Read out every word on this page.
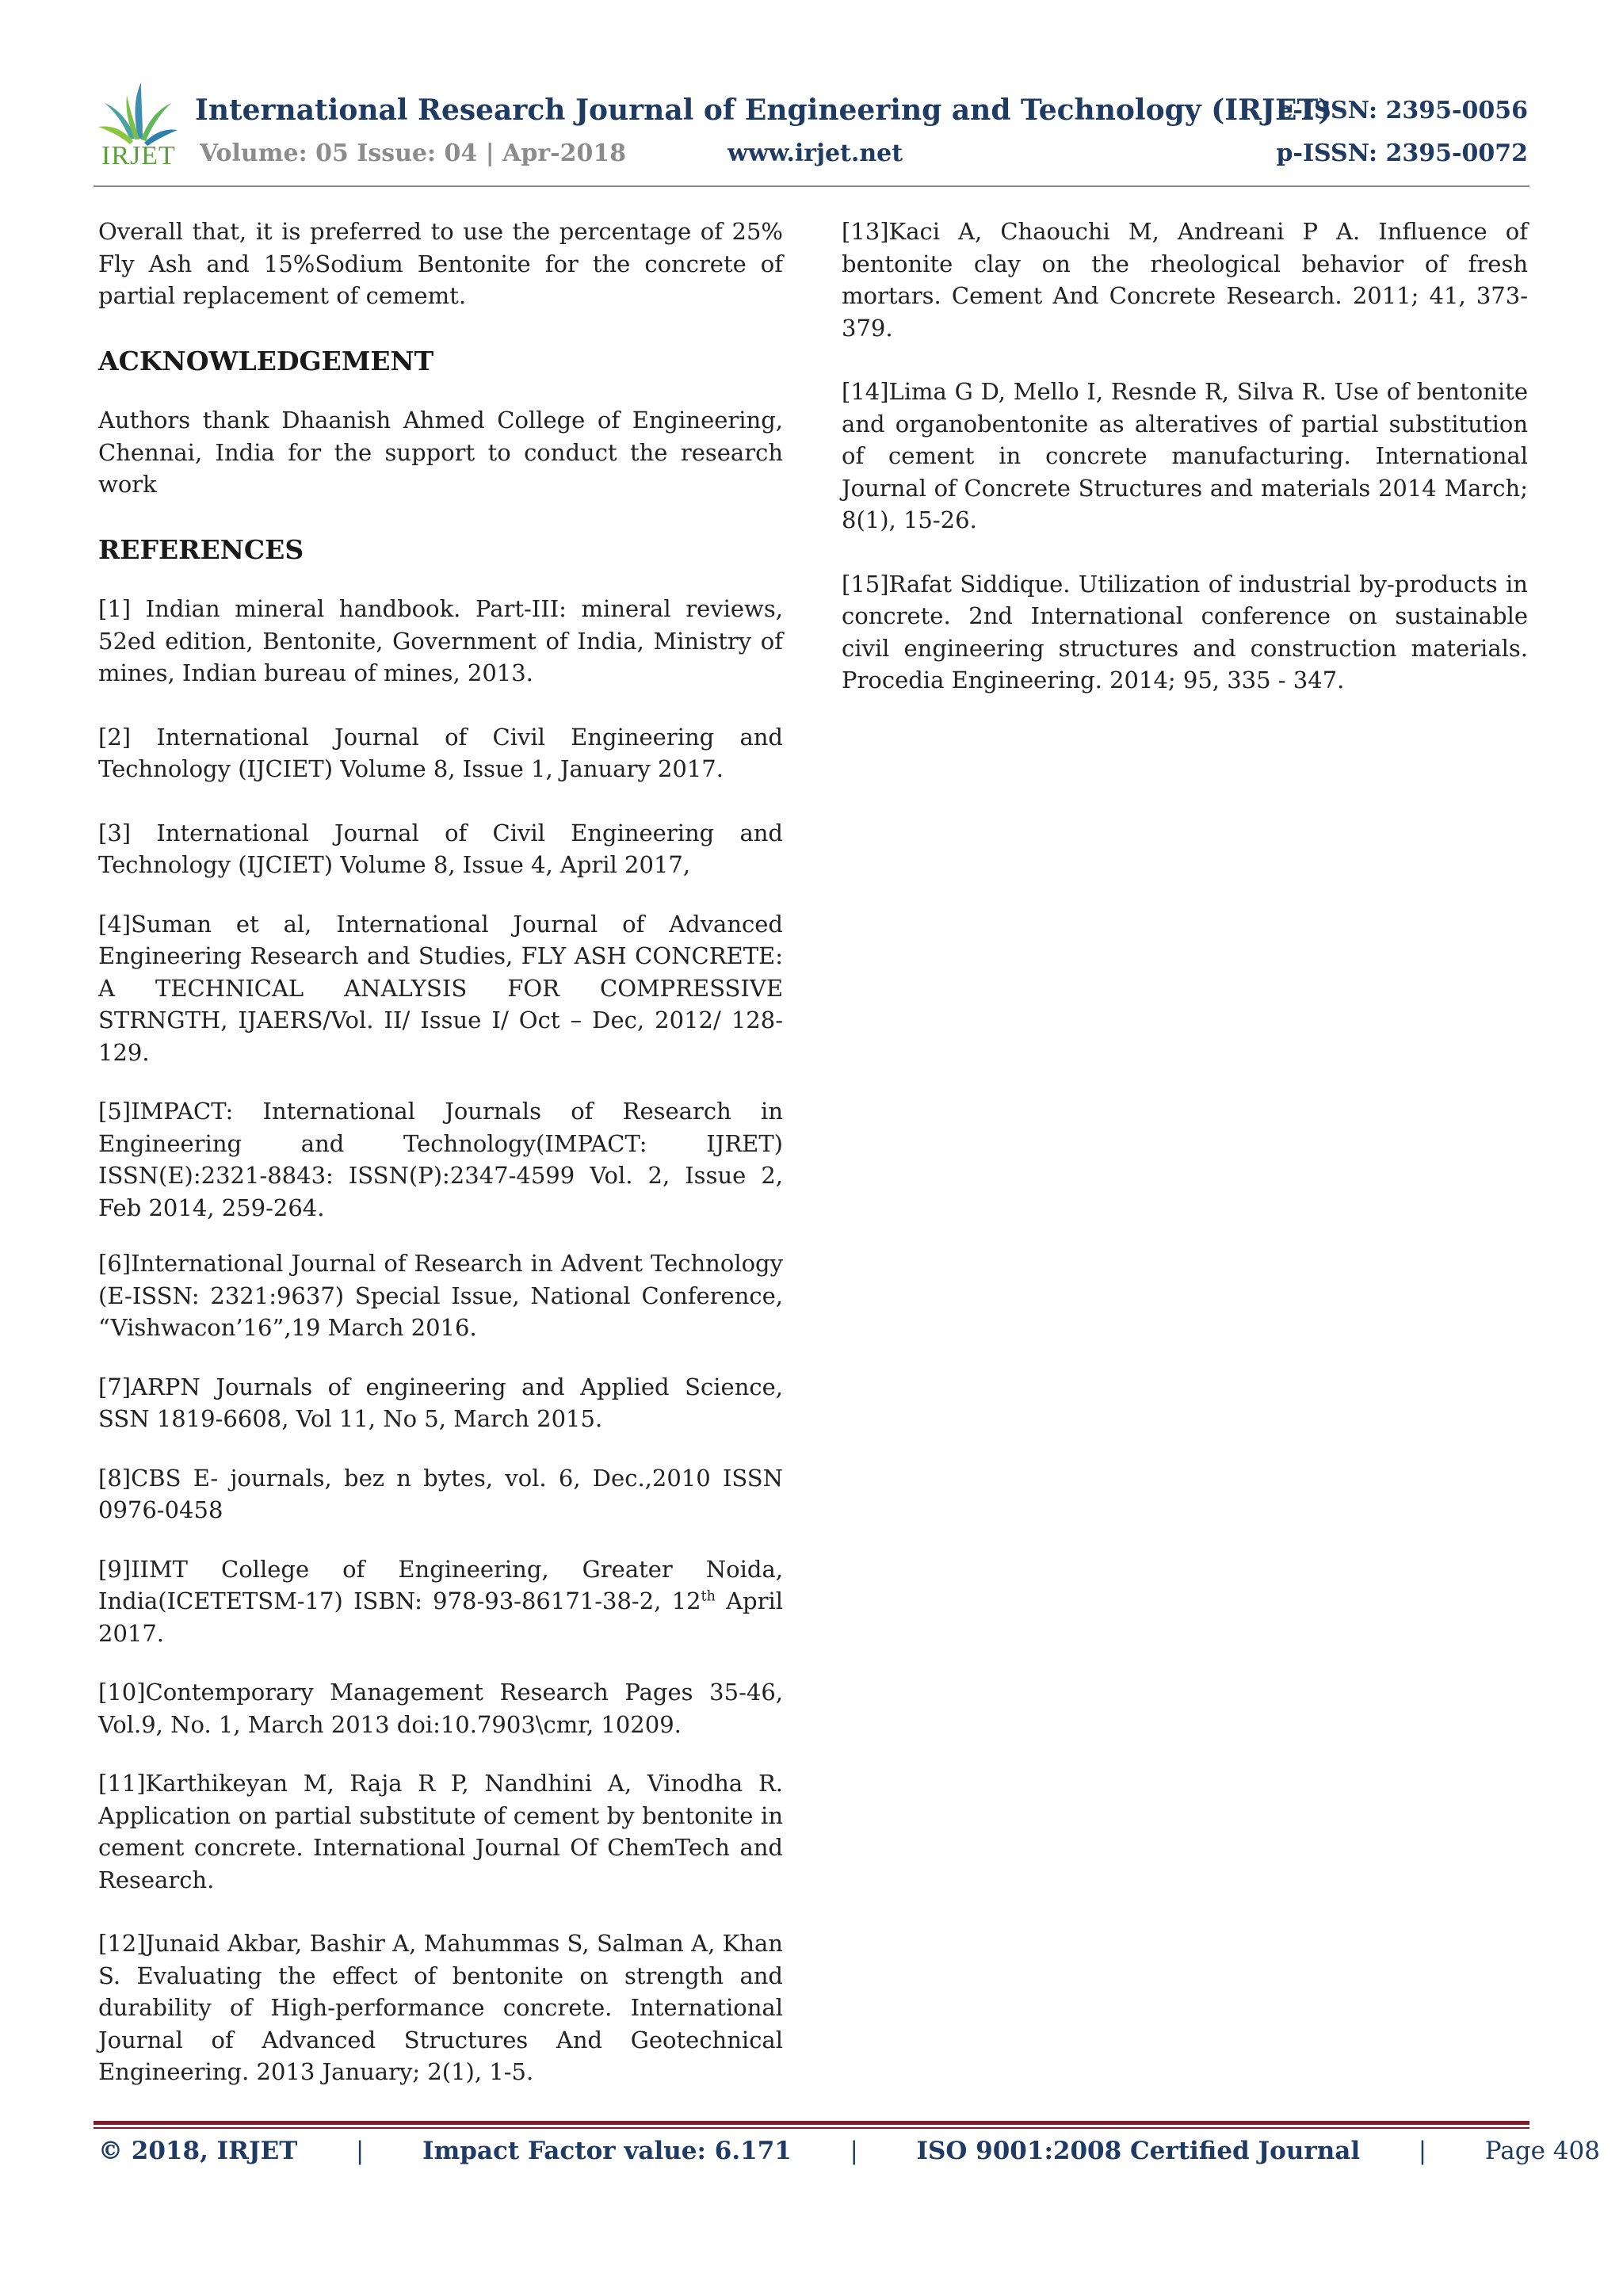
IRJET
International Research Journal of Engineering and Technology (IRJET)
e-ISSN: 2395-0056
Volume: 05 Issue: 04 | Apr-2018	www.irjet.net	p-ISSN: 2395-0072

Overall that, it is preferred to use the percentage of 25% Fly Ash and 15%Sodium Bentonite for the concrete of partial replacement of cememt.

ACKNOWLEDGEMENT

Authors thank Dhaanish Ahmed College of Engineering, Chennai, India for the support to conduct the research work

REFERENCES

[1] Indian mineral handbook. Part-III: mineral reviews, 52ed edition, Bentonite, Government of India, Ministry of mines, Indian bureau of mines, 2013.

[2] International Journal of Civil Engineering and Technology (IJCIET) Volume 8, Issue 1, January 2017.

[3] International Journal of Civil Engineering and Technology (IJCIET) Volume 8, Issue 4, April 2017,

[4]Suman et al, International Journal of Advanced Engineering Research and Studies, FLY ASH CONCRETE: A TECHNICAL ANALYSIS FOR COMPRESSIVE STRNGTH, IJAERS/Vol. II/ Issue I/ Oct – Dec, 2012/ 128-129.

[5]IMPACT: International Journals of Research in Engineering and Technology(IMPACT: IJRET) ISSN(E):2321-8843: ISSN(P):2347-4599 Vol. 2, Issue 2, Feb 2014, 259-264.

[6]International Journal of Research in Advent Technology (E-ISSN: 2321:9637) Special Issue, National Conference, “Vishwacon’16”,19 March 2016.

[7]ARPN Journals of engineering and Applied Science, SSN 1819-6608, Vol 11, No 5, March 2015.

[8]CBS E- journals, bez n bytes, vol. 6, Dec.,2010 ISSN 0976-0458

[9]IIMT College of Engineering, Greater Noida, India(ICETETSM-17) ISBN: 978-93-86171-38-2, 12th April 2017.

[10]Contemporary Management Research Pages 35-46, Vol.9, No. 1, March 2013 doi:10.7903\cmr, 10209.

[11]Karthikeyan M, Raja R P, Nandhini A, Vinodha R. Application on partial substitute of cement by bentonite in cement concrete. International Journal Of ChemTech and Research.

[12]Junaid Akbar, Bashir A, Mahummas S, Salman A, Khan S. Evaluating the effect of bentonite on strength and durability of High-performance concrete. International Journal of Advanced Structures And Geotechnical Engineering. 2013 January; 2(1), 1-5.

[13]Kaci A, Chaouchi M, Andreani P A. Influence of bentonite clay on the rheological behavior of fresh mortars. Cement And Concrete Research. 2011; 41, 373-379.

[14]Lima G D, Mello I, Resnde R, Silva R. Use of bentonite and organobentonite as alteratives of partial substitution of cement in concrete manufacturing. International Journal of Concrete Structures and materials 2014 March; 8(1), 15-26.

[15]Rafat Siddique. Utilization of industrial by-products in concrete. 2nd International conference on sustainable civil engineering structures and construction materials. Procedia Engineering. 2014; 95, 335 - 347.

© 2018, IRJET | Impact Factor value: 6.171 | ISO 9001:2008 Certified Journal | Page 408
